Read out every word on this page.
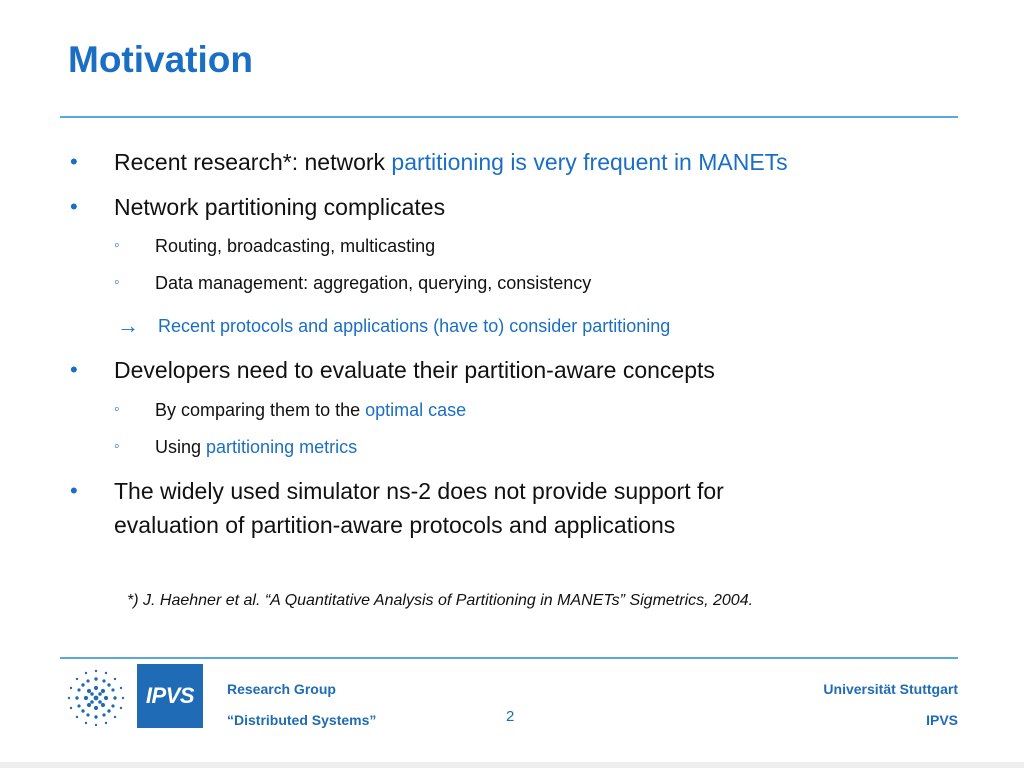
Motivation
• Recent research*: network partitioning is very frequent in MANETs
• Network partitioning complicates
◦ Routing, broadcasting, multicasting
◦ Data management: aggregation, querying, consistency
→ Recent protocols and applications (have to) consider partitioning
• Developers need to evaluate their partition-aware concepts
◦ By comparing them to the optimal case
◦ Using partitioning metrics
• The widely used simulator ns-2 does not provide support for
evaluation of partition-aware protocols and applications
*) J. Haehner et al. “A Quantitative Analysis of Partitioning in MANETs” Sigmetrics, 2004.
IPVS	Research Group
“Distributed Systems”	2
Universität Stuttgart
IPVS
